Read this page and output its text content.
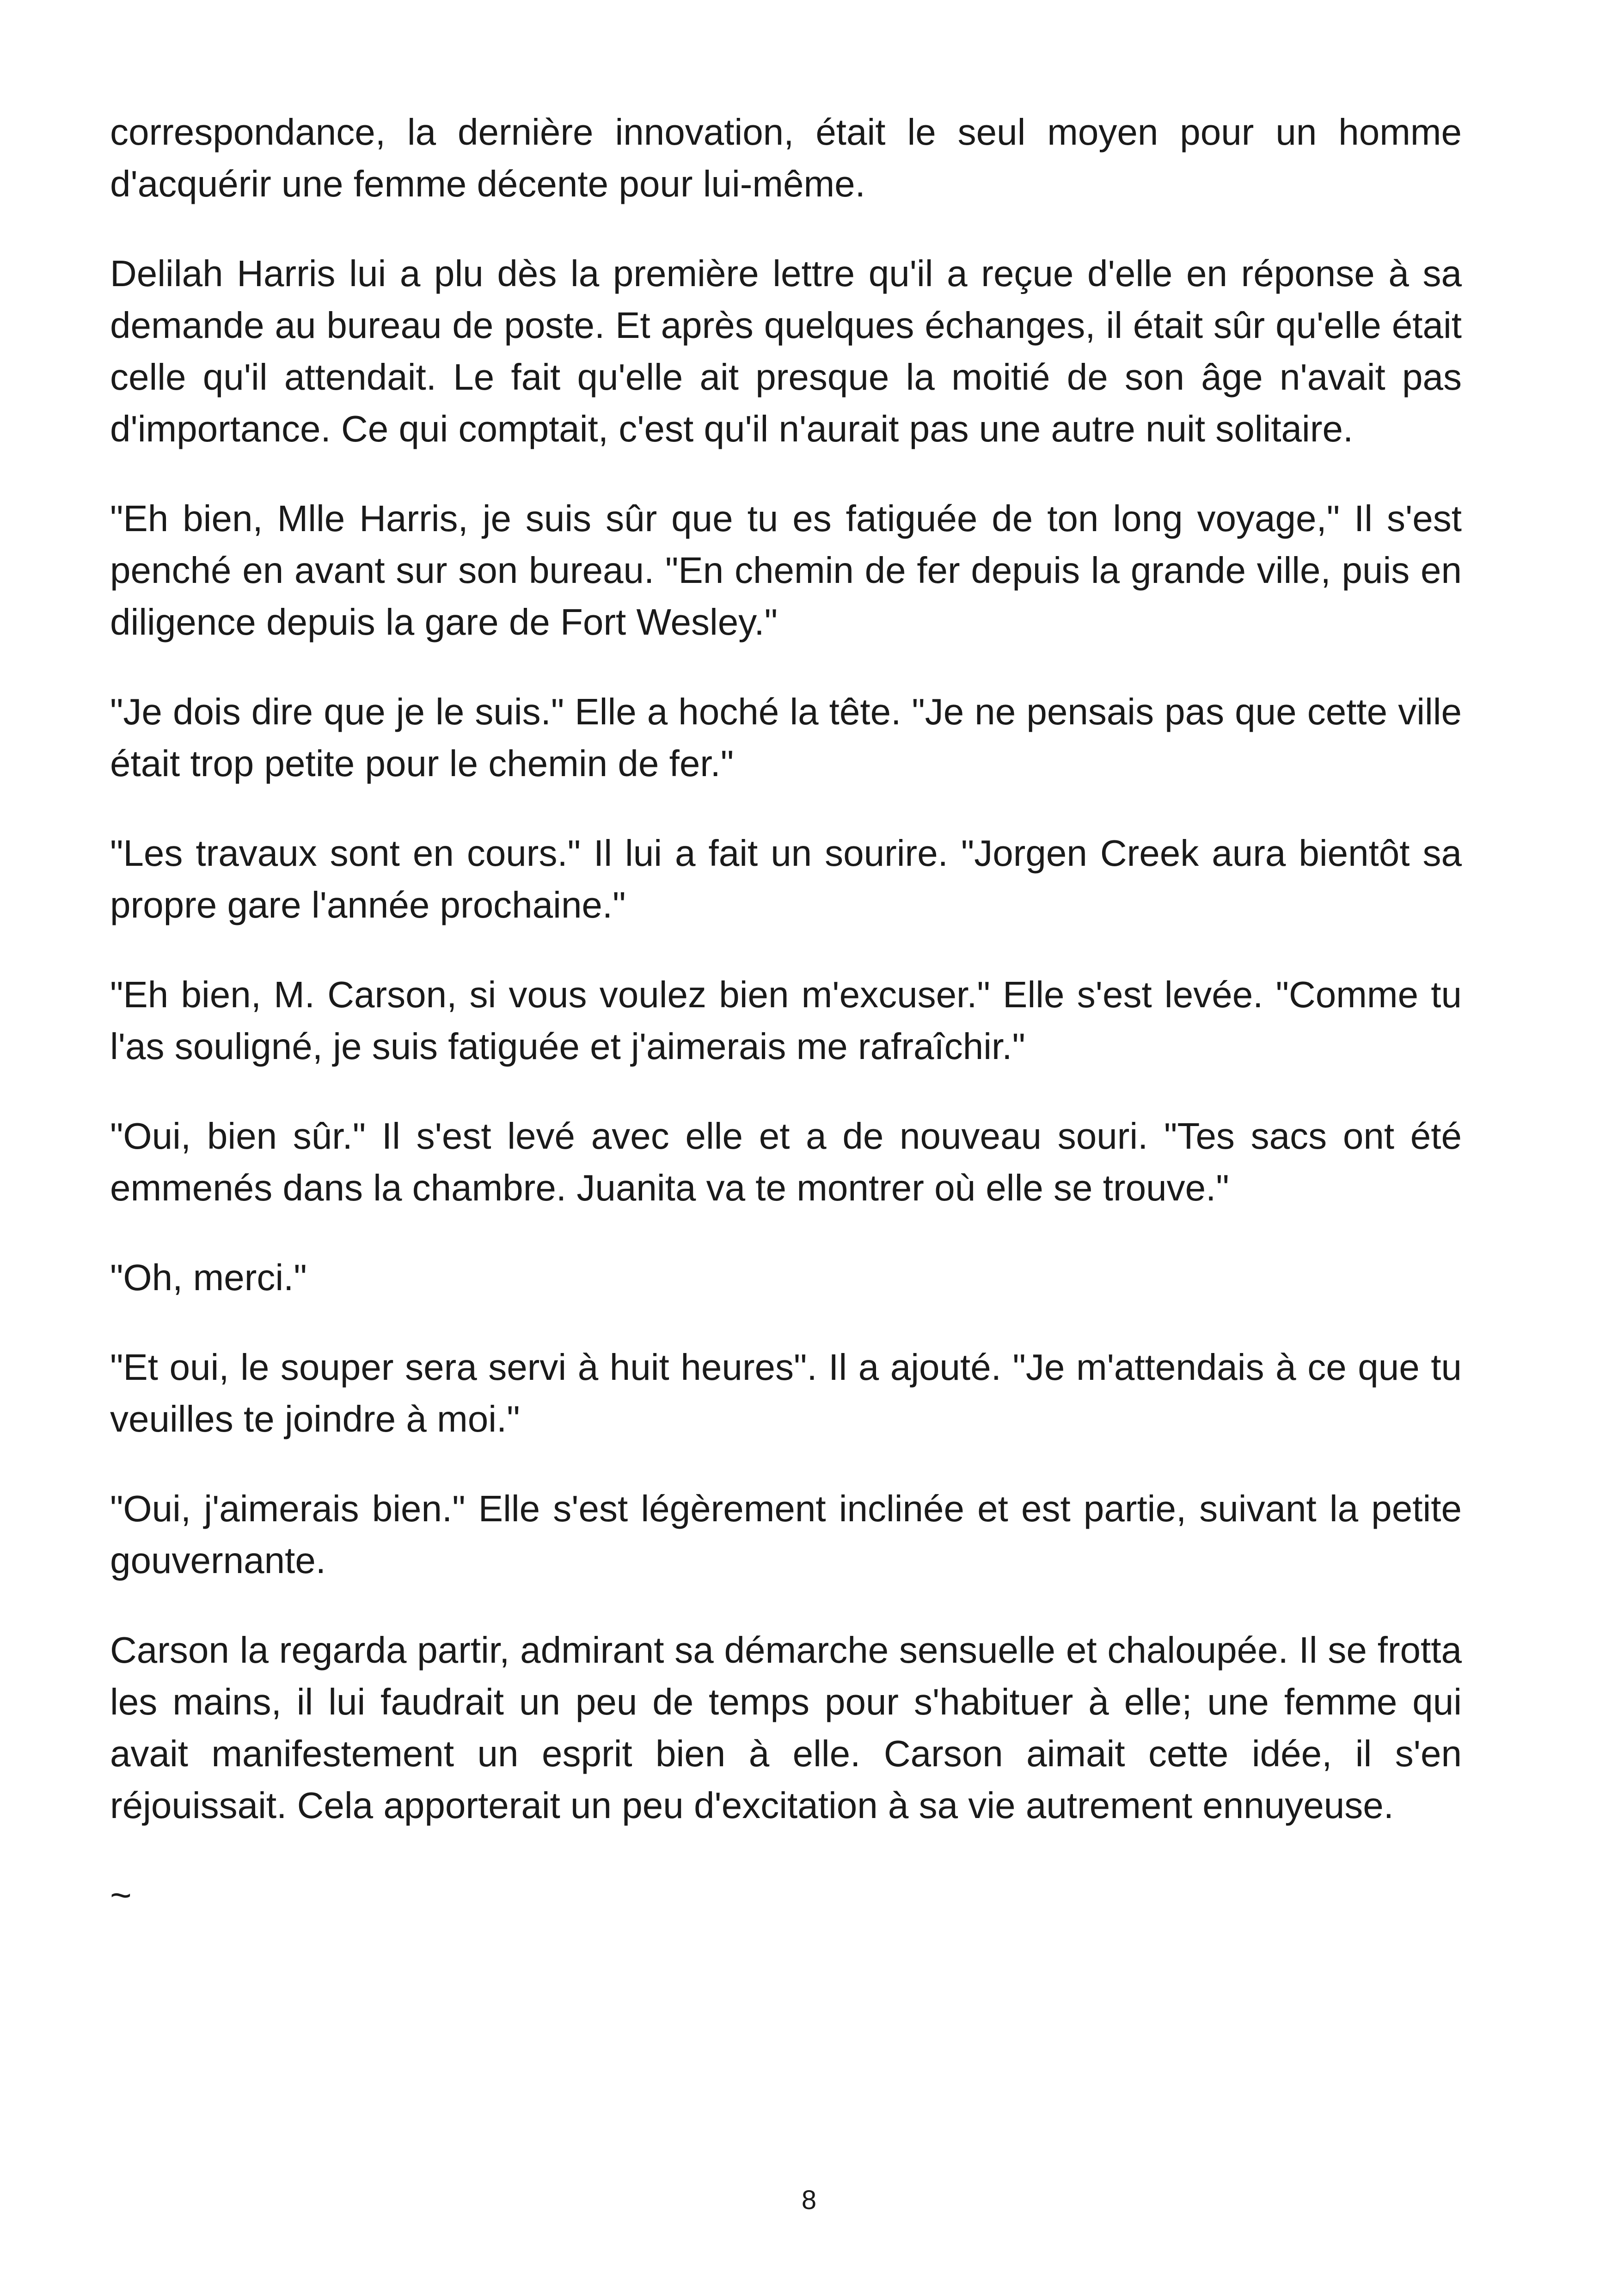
correspondance, la dernière innovation, était le seul moyen pour un homme d'acquérir une femme décente pour lui-même.

Delilah Harris lui a plu dès la première lettre qu'il a reçue d'elle en réponse à sa demande au bureau de poste. Et après quelques échanges, il était sûr qu'elle était celle qu'il attendait. Le fait qu'elle ait presque la moitié de son âge n'avait pas d'importance. Ce qui comptait, c'est qu'il n'aurait pas une autre nuit solitaire.

"Eh bien, Mlle Harris, je suis sûr que tu es fatiguée de ton long voyage," Il s'est penché en avant sur son bureau. "En chemin de fer depuis la grande ville, puis en diligence depuis la gare de Fort Wesley."

"Je dois dire que je le suis." Elle a hoché la tête. "Je ne pensais pas que cette ville était trop petite pour le chemin de fer."

"Les travaux sont en cours." Il lui a fait un sourire. "Jorgen Creek aura bientôt sa propre gare l'année prochaine."

"Eh bien, M. Carson, si vous voulez bien m'excuser." Elle s'est levée. "Comme tu l'as souligné, je suis fatiguée et j'aimerais me rafraîchir."

"Oui, bien sûr." Il s'est levé avec elle et a de nouveau souri. "Tes sacs ont été emmenés dans la chambre. Juanita va te montrer où elle se trouve."

"Oh, merci."

"Et oui, le souper sera servi à huit heures". Il a ajouté. "Je m'attendais à ce que tu veuilles te joindre à moi."

"Oui, j'aimerais bien." Elle s'est légèrement inclinée et est partie, suivant la petite gouvernante.

Carson la regarda partir, admirant sa démarche sensuelle et chaloupée. Il se frotta les mains, il lui faudrait un peu de temps pour s'habituer à elle; une femme qui avait manifestement un esprit bien à elle. Carson aimait cette idée, il s'en réjouissait. Cela apporterait un peu d'excitation à sa vie autrement ennuyeuse.

~

8
